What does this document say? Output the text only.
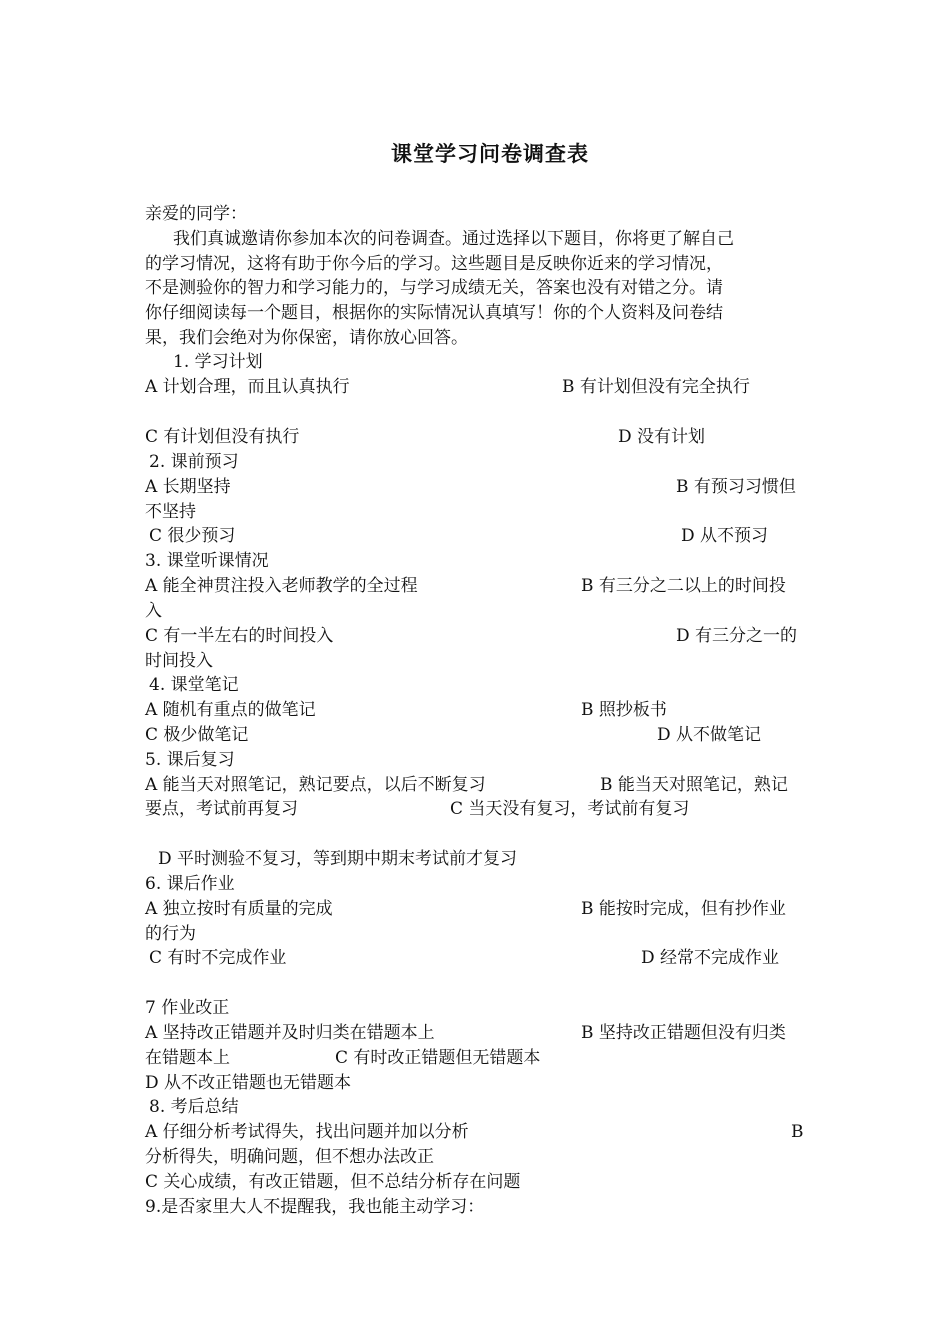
课堂学习问卷调查表
亲爱的同学：
我们真诚邀请你参加本次的问卷调查。通过选择以下题目，你将更了解自己
的学习情况，这将有助于你今后的学习。这些题目是反映你近来的学习情况，
不是测验你的智力和学习能力的，与学习成绩无关，答案也没有对错之分。请
你仔细阅读每一个题目，根据你的实际情况认真填写！你的个人资料及问卷结
果，我们会绝对为你保密，请你放心回答。
1. 学习计划
A 计划合理，而且认真执行	B 有计划但没有完全执行
C 有计划但没有执行	D 没有计划
2. 课前预习
A 长期坚持	B 有预习习惯但
不坚持
C 很少预习	D 从不预习
3. 课堂听课情况
A 能全神贯注投入老师教学的全过程	B 有三分之二以上的时间投
入
C 有一半左右的时间投入	D 有三分之一的
时间投入
4. 课堂笔记
A 随机有重点的做笔记	B 照抄板书
C 极少做笔记	D 从不做笔记
5. 课后复习
A 能当天对照笔记，熟记要点，以后不断复习	B 能当天对照笔记，熟记
要点，考试前再复习	C 当天没有复习，考试前有复习
D 平时测验不复习，等到期中期末考试前才复习
6. 课后作业
A 独立按时有质量的完成	B 能按时完成，但有抄作业
的行为
C 有时不完成作业	D 经常不完成作业
7 作业改正
A 坚持改正错题并及时归类在错题本上	B 坚持改正错题但没有归类
在错题本上	C 有时改正错题但无错题本
D 从不改正错题也无错题本
8. 考后总结
A 仔细分析考试得失，找出问题并加以分析	B
分析得失，明确问题，但不想办法改正
C 关心成绩，有改正错题，但不总结分析存在问题
9.是否家里大人不提醒我，我也能主动学习：
